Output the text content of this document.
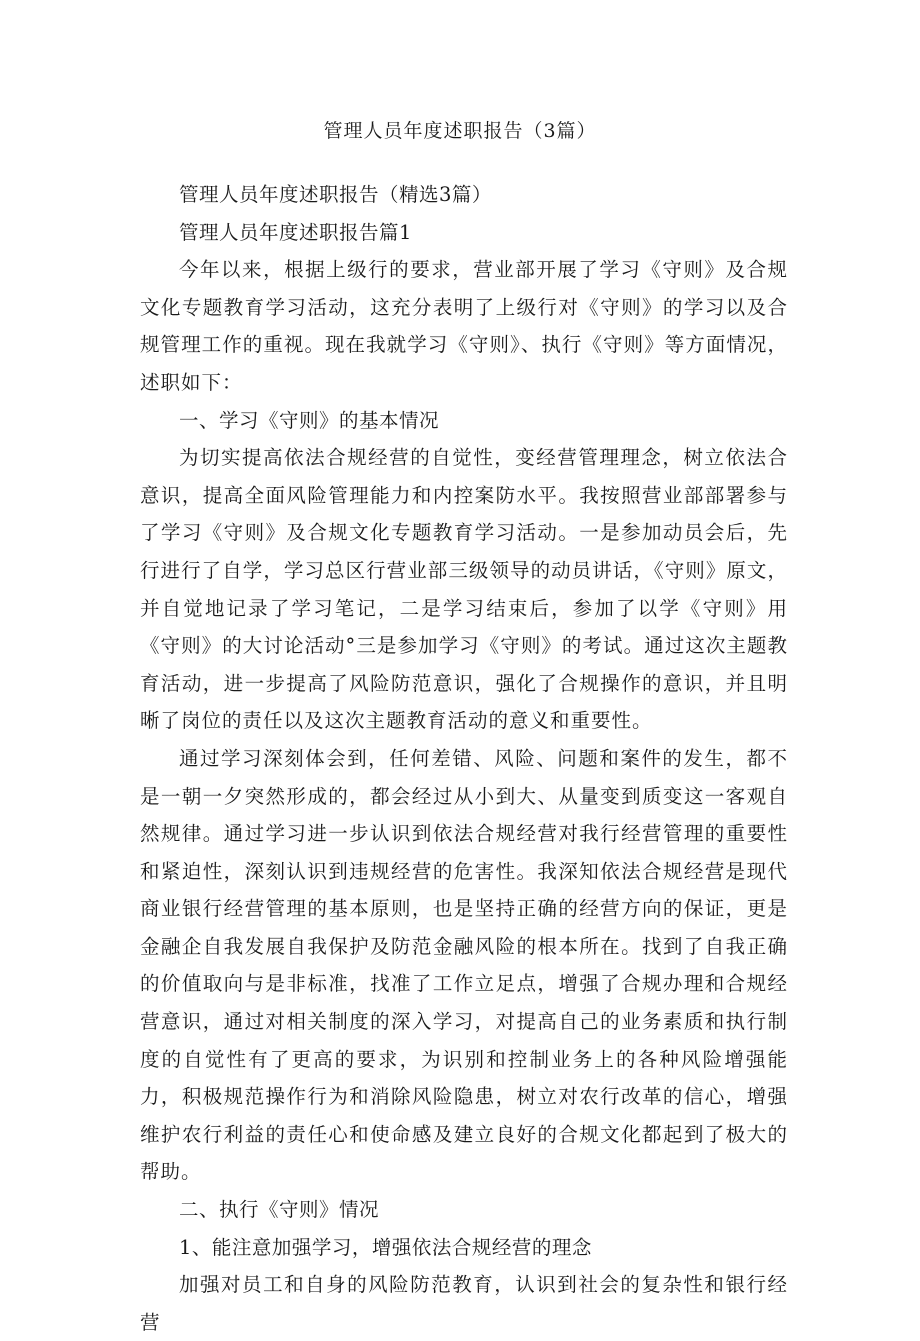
管理人员年度述职报告（3篇）

管理人员年度述职报告（精选3篇）

管理人员年度述职报告篇1

今年以来，根据上级行的要求，营业部开展了学习《守则》及合规文化专题教育学习活动，这充分表明了上级行对《守则》的学习以及合规管理工作的重视。现在我就学习《守则》、执行《守则》等方面情况，述职如下：

一、学习《守则》的基本情况

为切实提高依法合规经营的自觉性，变经营管理理念，树立依法合意识，提高全面风险管理能力和内控案防水平。我按照营业部部署参与了学习《守则》及合规文化专题教育学习活动。一是参加动员会后，先行进行了自学，学习总区行营业部三级领导的动员讲话，《守则》原文，并自觉地记录了学习笔记，二是学习结束后，参加了以学《守则》用《守则》的大讨论活动°三是参加学习《守则》的考试。通过这次主题教育活动，进一步提高了风险防范意识，强化了合规操作的意识，并且明晰了岗位的责任以及这次主题教育活动的意义和重要性。

通过学习深刻体会到，任何差错、风险、问题和案件的发生，都不是一朝一夕突然形成的，都会经过从小到大、从量变到质变这一客观自然规律。通过学习进一步认识到依法合规经营对我行经营管理的重要性和紧迫性，深刻认识到违规经营的危害性。我深知依法合规经营是现代商业银行经营管理的基本原则，也是坚持正确的经营方向的保证，更是金融企自我发展自我保护及防范金融风险的根本所在。找到了自我正确的价值取向与是非标准，找准了工作立足点，增强了合规办理和合规经营意识，通过对相关制度的深入学习，对提高自己的业务素质和执行制度的自觉性有了更高的要求，为识别和控制业务上的各种风险增强能力，积极规范操作行为和消除风险隐患，树立对农行改革的信心，增强维护农行利益的责任心和使命感及建立良好的合规文化都起到了极大的帮助。

二、执行《守则》情况

1、能注意加强学习，增强依法合规经营的理念

加强对员工和自身的风险防范教育，认识到社会的复杂性和银行经营
